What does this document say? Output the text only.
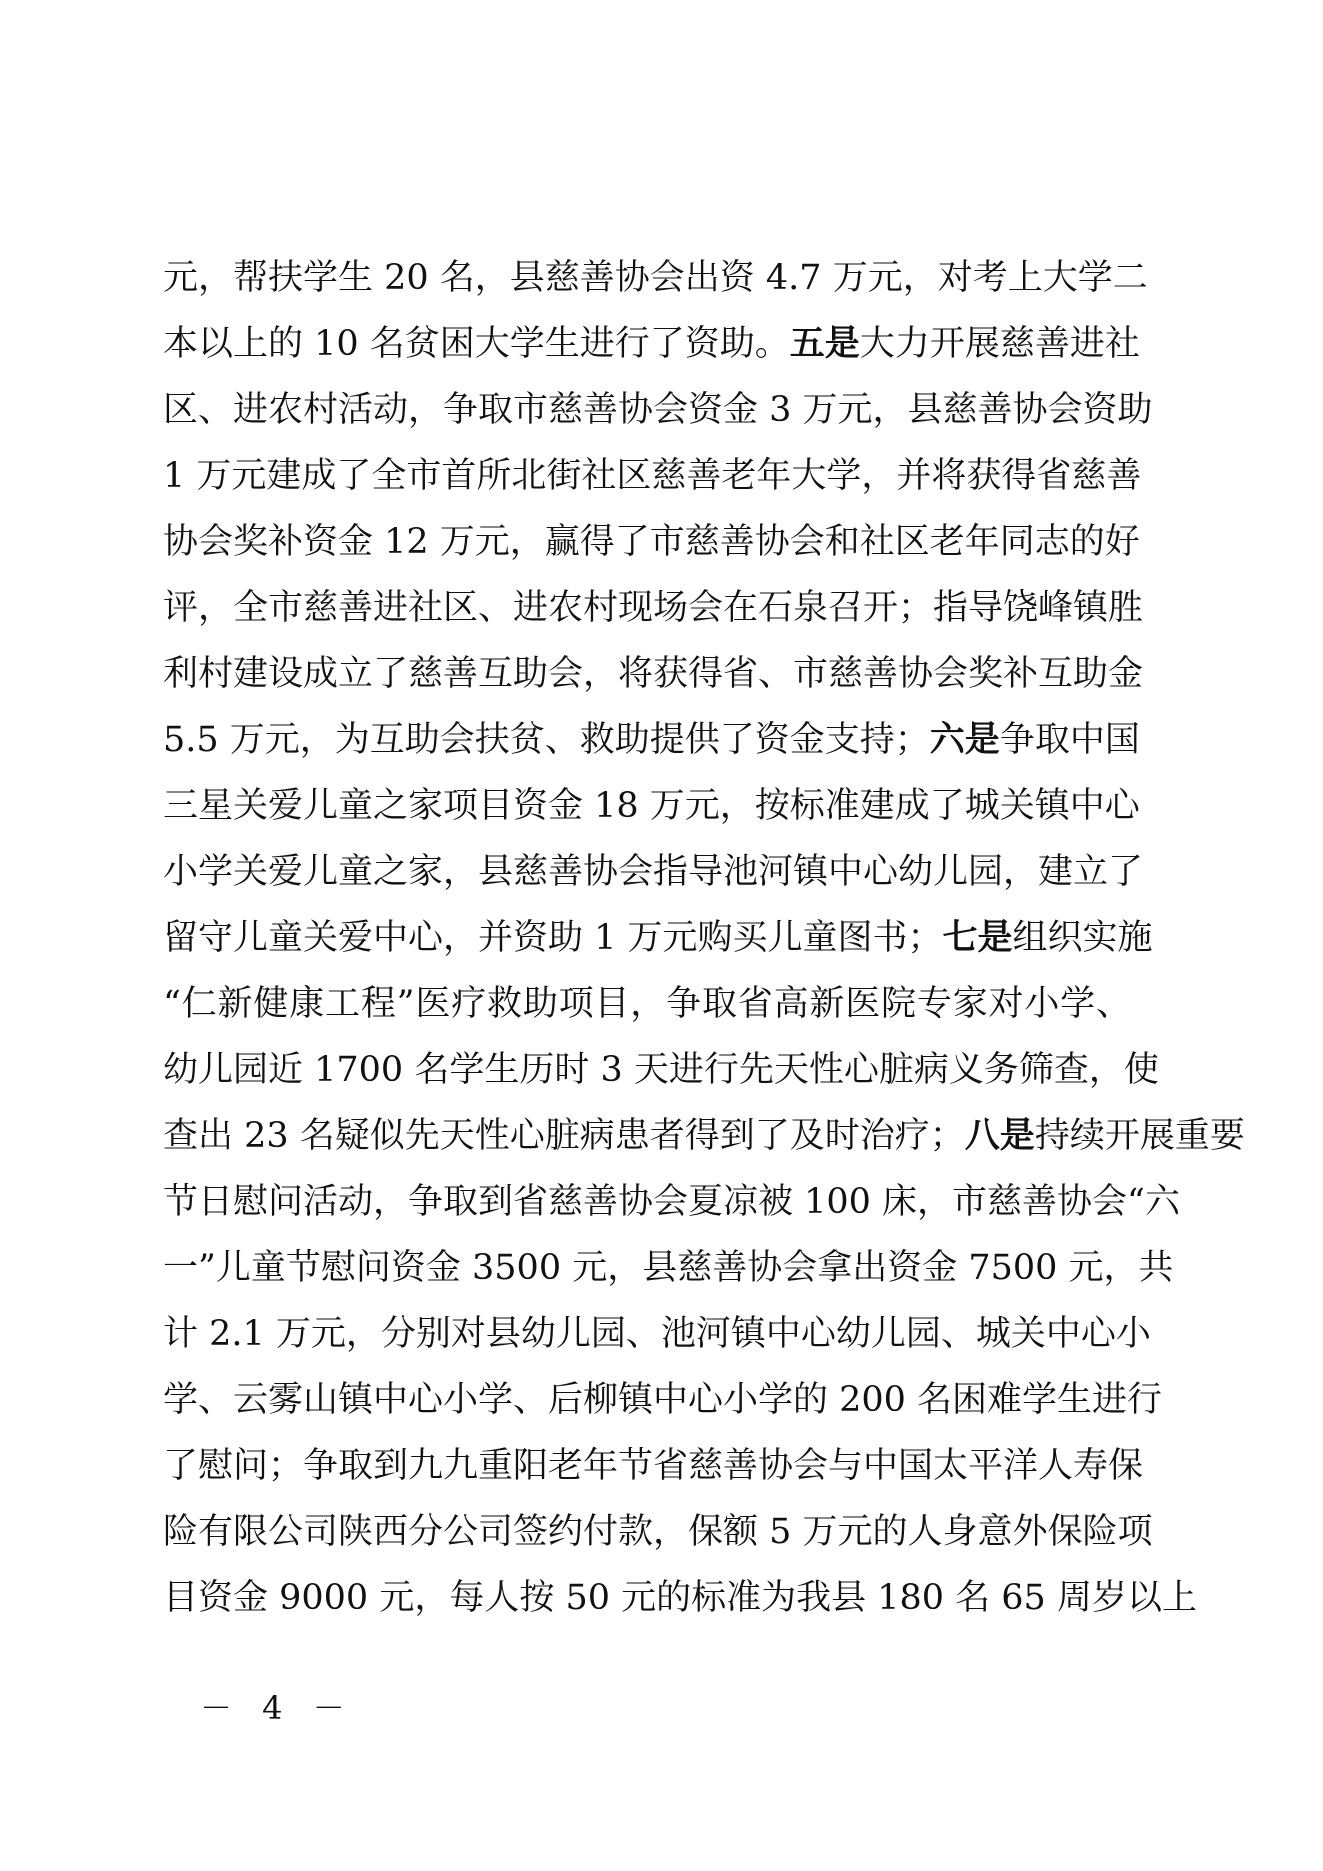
元，帮扶学生 20 名，县慈善协会出资 4.7 万元，对考上大学二
本以上的 10 名贫困大学生进行了资助。五是大力开展慈善进社
区、进农村活动，争取市慈善协会资金 3 万元，县慈善协会资助
1 万元建成了全市首所北街社区慈善老年大学，并将获得省慈善
协会奖补资金 12 万元，赢得了市慈善协会和社区老年同志的好
评，全市慈善进社区、进农村现场会在石泉召开；指导饶峰镇胜
利村建设成立了慈善互助会，将获得省、市慈善协会奖补互助金
5.5 万元，为互助会扶贫、救助提供了资金支持；六是争取中国
三星关爱儿童之家项目资金 18 万元，按标准建成了城关镇中心
小学关爱儿童之家，县慈善协会指导池河镇中心幼儿园，建立了
留守儿童关爱中心，并资助 1 万元购买儿童图书；七是组织实施
“仁新健康工程”医疗救助项目，争取省高新医院专家对小学、
幼儿园近 1700 名学生历时 3 天进行先天性心脏病义务筛查，使
查出 23 名疑似先天性心脏病患者得到了及时治疗；八是持续开展重要
节日慰问活动，争取到省慈善协会夏凉被 100 床，市慈善协会“六
一”儿童节慰问资金 3500 元，县慈善协会拿出资金 7500 元，共
计 2.1 万元，分别对县幼儿园、池河镇中心幼儿园、城关中心小
学、云雾山镇中心小学、后柳镇中心小学的 200 名困难学生进行
了慰问；争取到九九重阳老年节省慈善协会与中国太平洋人寿保
险有限公司陕西分公司签约付款，保额 5 万元的人身意外保险项
目资金 9000 元，每人按 50 元的标准为我县 180 名 65 周岁以上
－ 4 －
